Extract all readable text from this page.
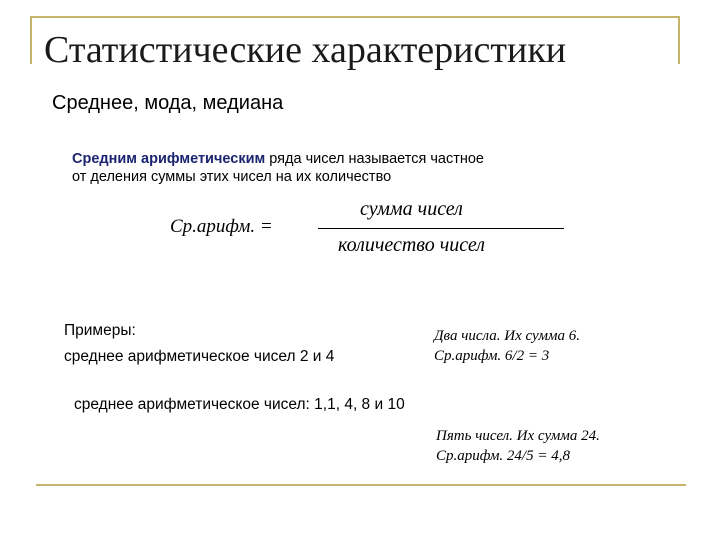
Статистические характеристики
Среднее, мода, медиана
Средним арифметическим ряда чисел называется частное
от деления суммы этих чисел на их количество
Ср.арифм. =
сумма чисел
количество чисел
Примеры:
среднее арифметическое чисел 2 и 4
Два числа. Их сумма 6.
Ср.арифм. 6/2 = 3
среднее арифметическое чисел: 1,1, 4, 8 и 10
Пять чисел. Их сумма 24.
Ср.арифм. 24/5 = 4,8
